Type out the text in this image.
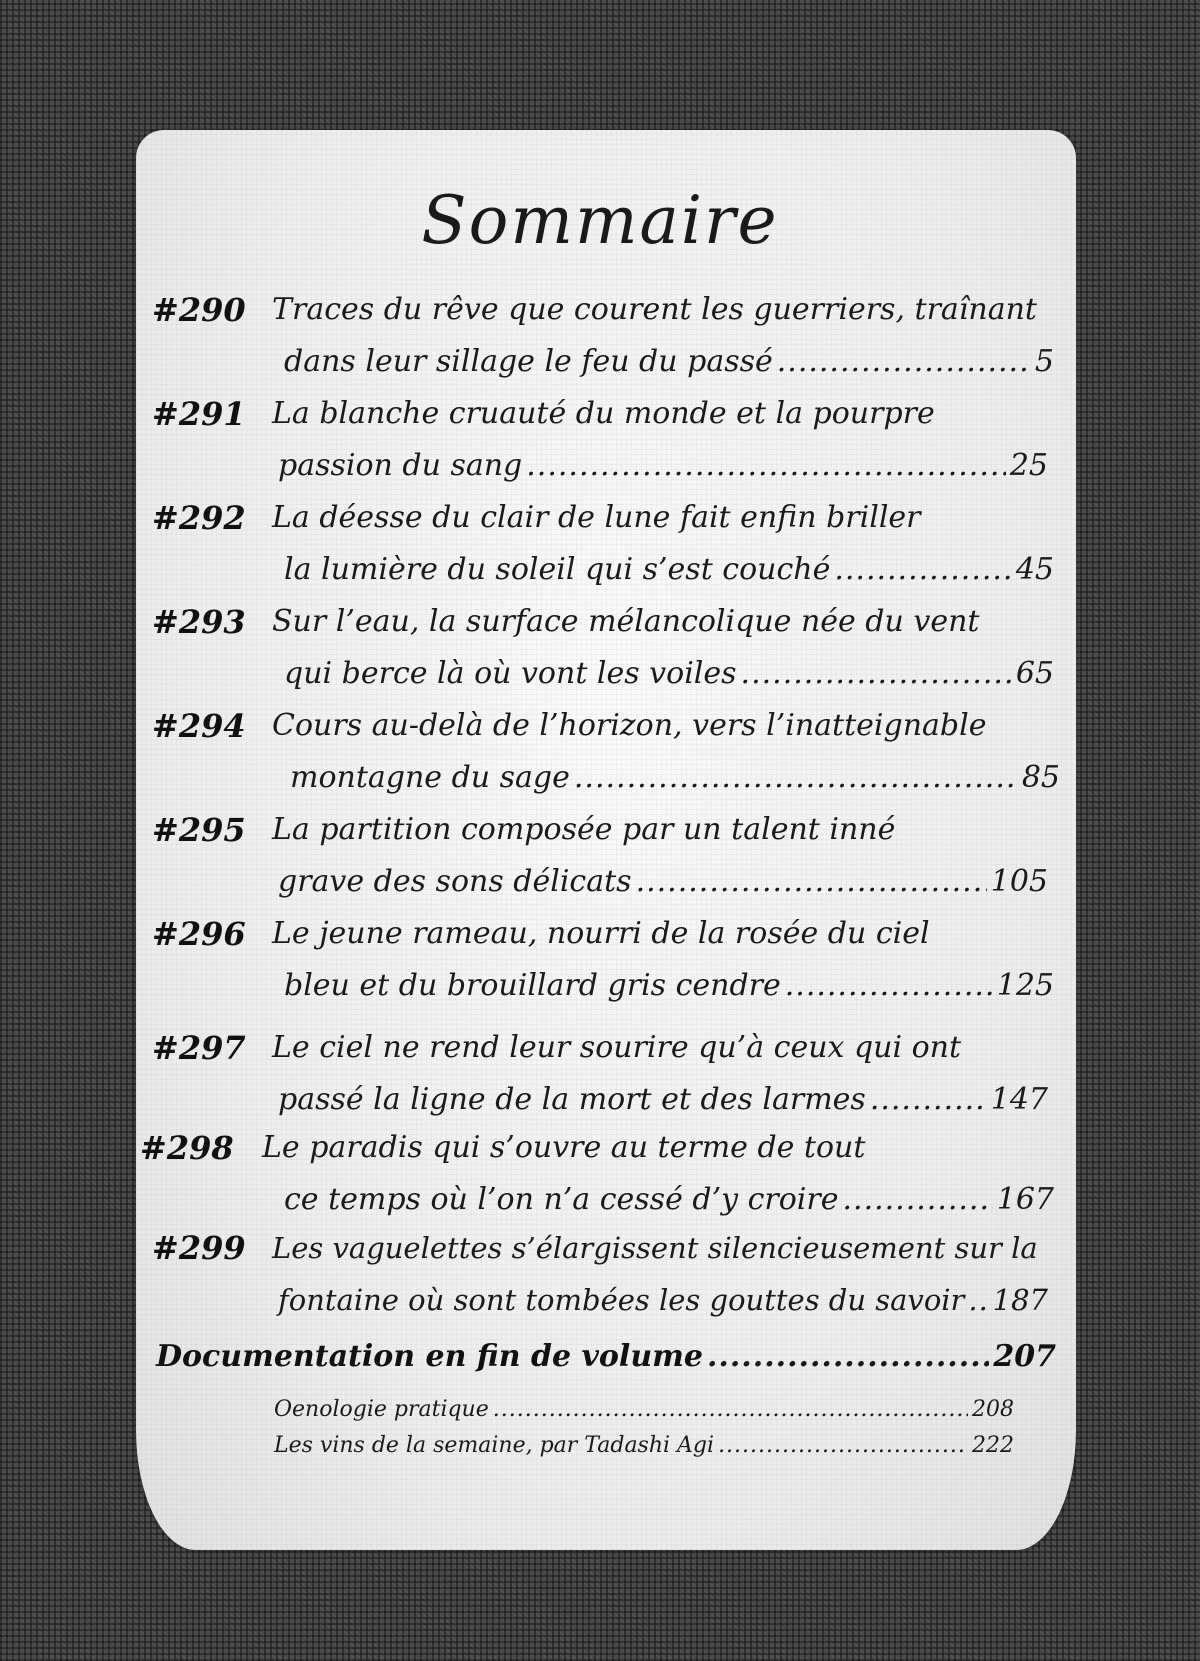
Sommaire
#290 Traces du rêve que courent les guerriers, traînant
dans leur sillage le feu du passé .....	5
#291 La blanche cruauté du monde et la pourpre
passion du sang .....	25
#292 La déesse du clair de lune fait enfin briller
la lumière du soleil qui s’est couché .....	45
#293 Sur l’eau, la surface mélancolique née du vent
qui berce là où vont les voiles .....	65
#294 Cours au-delà de l’horizon, vers l’inatteignable
montagne du sage .....	85
#295 La partition composée par un talent inné
grave des sons délicats .....	105
#296 Le jeune rameau, nourri de la rosée du ciel
bleu et du brouillard gris cendre .....	125
#297 Le ciel ne rend leur sourire qu’à ceux qui ont
passé la ligne de la mort et des larmes .....	147
#298 Le paradis qui s’ouvre au terme de tout
ce temps où l’on n’a cessé d’y croire .....	167
#299 Les vaguelettes s’élargissent silencieusement sur la
fontaine où sont tombées les gouttes du savoir ..... 187
Documentation en fin de volume .....	207
Oenologie pratique .....	208
Les vins de la semaine, par Tadashi Agi .....	222
